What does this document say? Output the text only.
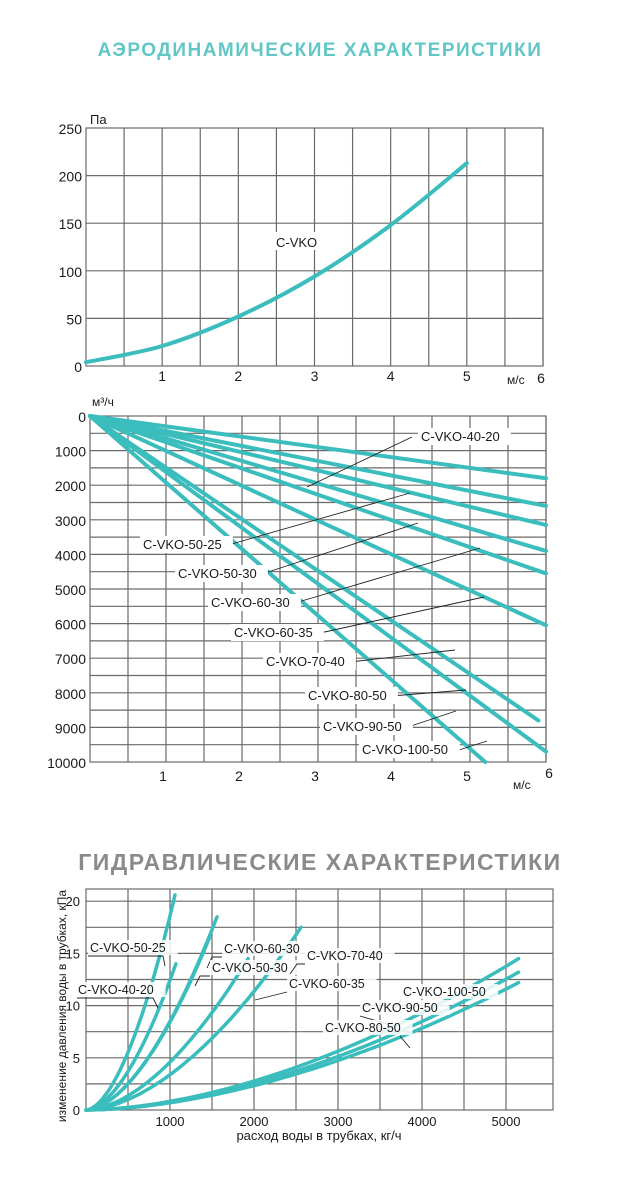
АЭРОДИНАМИЧЕСКИЕ ХАРАКТЕРИСТИКИ
0
50
100
150
200
250
1	2	3	4	5	6
Па
м/с
C-VKO
0
1000
2000
3000
4000
5000
6000
7000
8000
9000
10000
1	2	3	4	5	6
м³/ч
м/с
C-VKO-40-20
C-VKO-50-25
C-VKO-50-30
C-VKO-60-30
C-VKO-60-35
C-VKO-70-40
C-VKO-80-50
C-VKO-90-50
C-VKO-100-50
ГИДРАВЛИЧЕСКИЕ ХАРАКТЕРИСТИКИ
0
5
10
15
20
1000	2000	3000	4000	5000
расход воды в трубках, кг/ч
изменение давления воды в трубках, кПа C-VKO-40-20
C-VKO-50-25	C-VKO-60-30
C-VKO-50-30
C-VKO-70-40
C-VKO-60-35
C-VKO-100-50
C-VKO-90-50
C-VKO-80-50
